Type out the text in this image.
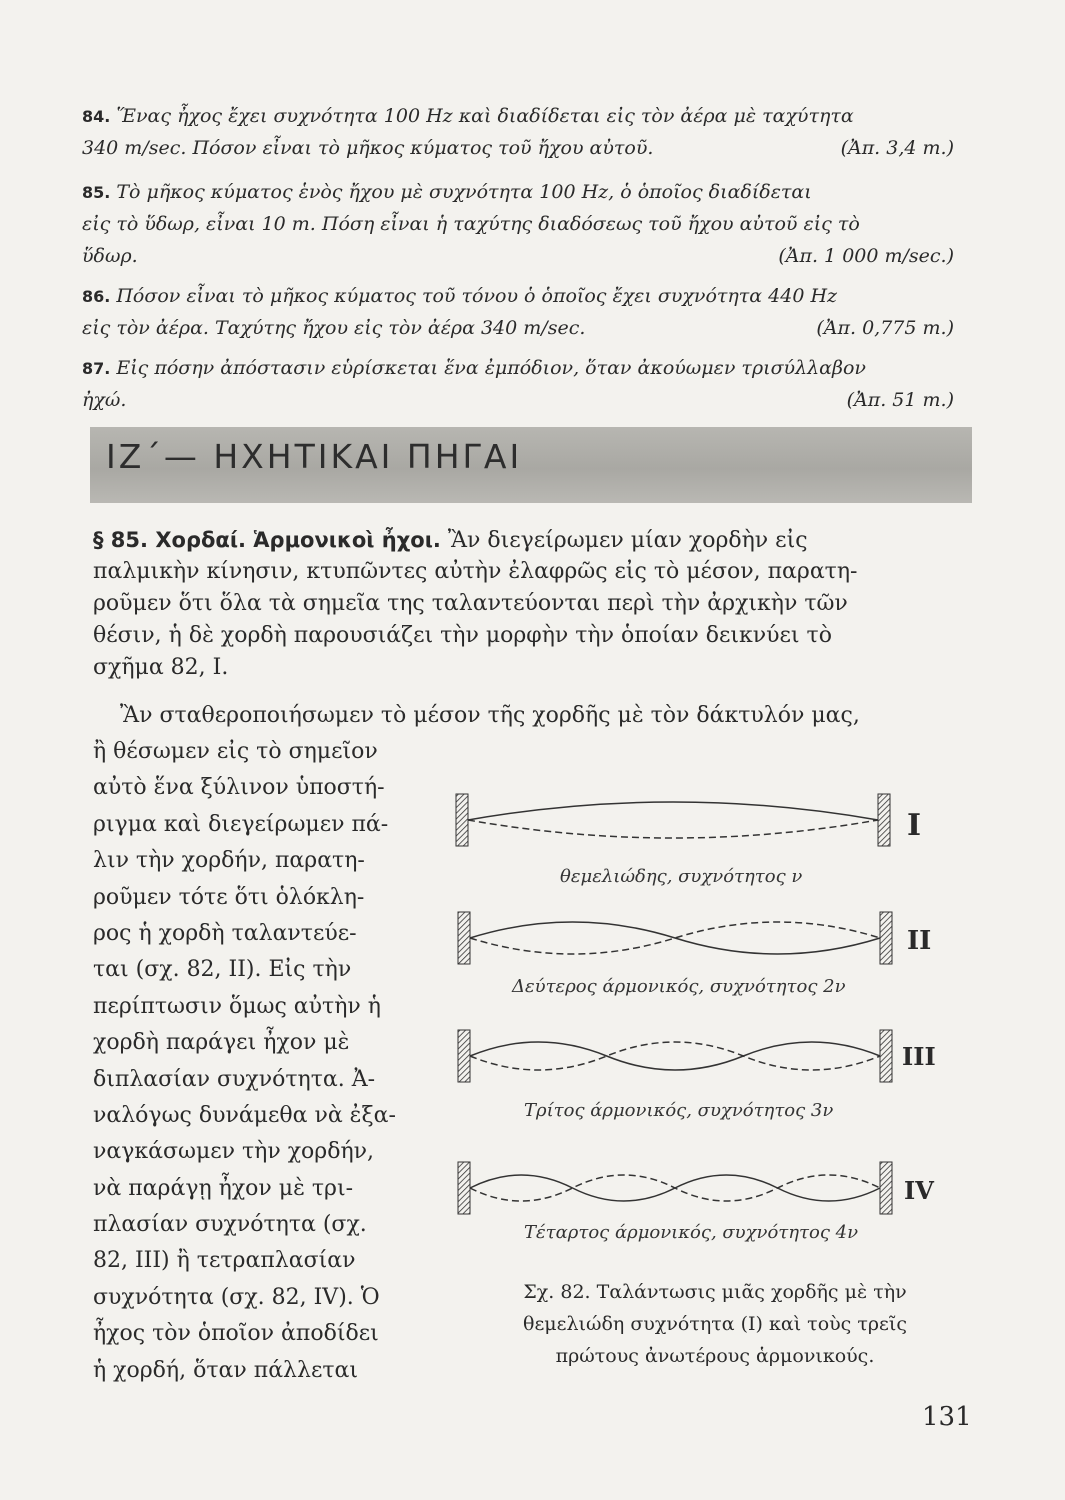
84. Ἕνας ἦχος ἔχει συχνότητα 100 Hz καὶ διαδίδεται εἰς τὸν ἀέρα μὲ ταχύτητα
340 m/sec. Πόσον εἶναι τὸ μῆκος κύματος τοῦ ἤχου αὐτοῦ.	(Ἀπ. 3,4 m.)
85. Τὸ μῆκος κύματος ἑνὸς ἤχου μὲ συχνότητα 100 Hz, ὁ ὁποῖος διαδίδεται
εἰς τὸ ὕδωρ, εἶναι 10 m. Πόση εἶναι ἡ ταχύτης διαδόσεως τοῦ ἤχου αὐτοῦ εἰς τὸ
ὕδωρ.	(Ἀπ. 1 000 m/sec.)
86. Πόσον εἶναι τὸ μῆκος κύματος τοῦ τόνου ὁ ὁποῖος ἔχει συχνότητα 440 Hz
εἰς τὸν ἀέρα. Ταχύτης ἤχου εἰς τὸν ἀέρα 340 m/sec.	(Ἀπ. 0,775 m.)
87. Εἰς πόσην ἀπόστασιν εὑρίσκεται ἕνα ἐμπόδιον, ὅταν ἀκούωμεν τρισύλλαβον
ἠχώ.	(Ἀπ. 51 m.)
ΙΖ΄— ΗΧΗΤΙΚΑΙ ΠΗΓΑΙ
§ 85. Χορδαί. Ἁρμονικοὶ ἦχοι. Ἂν διεγείρωμεν μίαν χορδὴν εἰς
παλμικὴν κίνησιν, κτυπῶντες αὐτὴν ἐλαφρῶς εἰς τὸ μέσον, παρατη-
ροῦμεν ὅτι ὅλα τὰ σημεῖα της ταλαντεύονται περὶ τὴν ἀρχικὴν τῶν
θέσιν, ἡ δὲ χορδὴ παρουσιάζει τὴν μορφὴν τὴν ὁποίαν δεικνύει τὸ
σχῆμα 82, Ι.
Ἂν σταθεροποιήσωμεν τὸ μέσον τῆς χορδῆς μὲ τὸν δάκτυλόν μας,
ἢ θέσωμεν εἰς τὸ σημεῖον
αὐτὸ ἕνα ξύλινον ὑποστή-
ριγμα καὶ διεγείρωμεν πά-
λιν τὴν χορδήν, παρατη-
ροῦμεν τότε ὅτι ὁλόκλη-
ρος ἡ χορδὴ ταλαντεύε-
ται (σχ. 82, ΙΙ). Εἰς τὴν
περίπτωσιν ὅμως αὐτὴν ἡ
χορδὴ παράγει ἦχον μὲ
διπλασίαν συχνότητα. Ἀ-
ναλόγως δυνάμεθα νὰ ἐξα-
ναγκάσωμεν τὴν χορδήν,
νὰ παράγῃ ἦχον μὲ τρι-
πλασίαν συχνότητα (σχ.
82, ΙΙΙ) ἢ τετραπλασίαν
συχνότητα (σχ. 82, ΙV). Ὁ
ἦχος τὸν ὁποῖον ἀποδίδει
ἡ χορδή, ὅταν πάλλεται
I
θεμελιώδης, συχνότητος ν
II
Δεύτερος άρμονικός, συχνότητος 2ν
III
Τρίτος άρμονικός, συχνότητος 3ν
IV
Τέταρτος άρμονικός, συχνότητος 4ν
Σχ. 82. Ταλάντωσις μιᾶς χορδῆς μὲ τὴν
θεμελιώδη συχνότητα (Ι) καὶ τοὺς τρεῖς
πρώτους ἀνωτέρους ἁρμονικούς.
131
